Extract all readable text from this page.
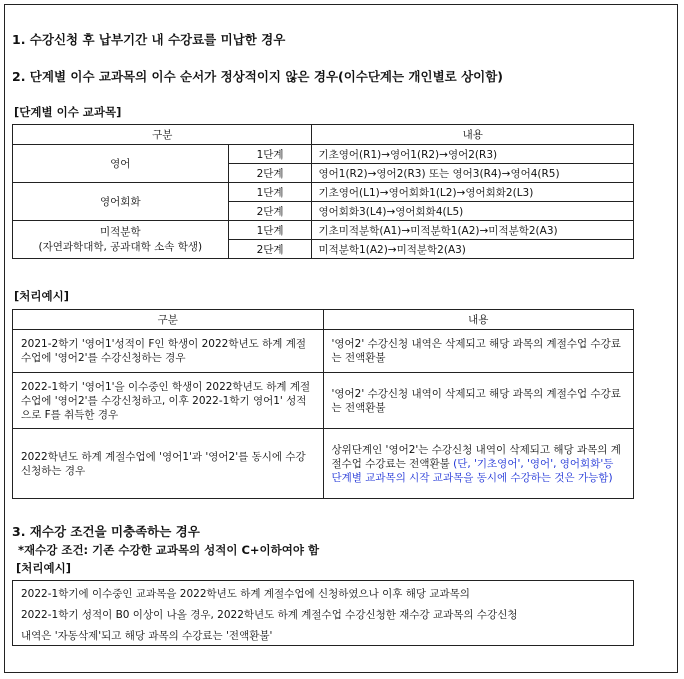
1. 수강신청 후 납부기간 내 수강료를 미납한 경우
2. 단계별 이수 교과목의 이수 순서가 정상적이지 않은 경우(이수단계는 개인별로 상이함)
[단계별 이수 교과목]
구분		내용
영어	1단계	기초영어(R1)→영어1(R2)→영어2(R3)
	2단계	영어1(R2)→영어2(R3) 또는 영어3(R4)→영어4(R5)
영어회화	1단계	기초영어(L1)→영어회화1(L2)→영어회화2(L3)
	2단계	영어회화3(L4)→영어회화4(L5)

미적분학
(자연과학대학, 공과대학 소속 학생)	1단계	기초미적분학(A1)→미적분학1(A2)→미적분학2(A3)
	2단계	미적분학1(A2)→미적분학2(A3)
[처리예시]
구분	내용
2021-2학기 '영어1'성적이 F인 학생이 2022학년도 하계 계절수업에 '영어2'를 수강신청하는 경우	'영어2' 수강신청 내역은 삭제되고 해당 과목의 계절수업 수강료는 전액환불
2022-1학기 '영어1'을 이수중인 학생이 2022학년도 하계 계절수업에 '영어2'를 수강신청하고, 이후 2022-1학기 영어1' 성적으로 F를 취득한 경우	'영어2' 수강신청 내역이 삭제되고 해당 과목의 계절수업 수강료는 전액환불
2022학년도 하계 계절수업에 '영어1'과 '영어2'를 동시에 수강신청하는 경우	상위단계인 '영어2'는 수강신청 내역이 삭제되고 해당 과목의 계절수업 수강료는 전액환불 (단, '기초영어', '영어', 영어회화'등 단계별 교과목의 시작 교과목을 동시에 수강하는 것은 가능함)
3. 재수강 조건을 미충족하는 경우
*재수강 조건: 기존 수강한 교과목의 성적이 C+이하여야 함
[처리예시]
2022-1학기에 이수중인 교과목을 2022학년도 하계 계절수업에 신청하였으나 이후 해당 교과목의
2022-1학기 성적이 B0 이상이 나올 경우, 2022학년도 하계 계절수업 수강신청한 재수강 교과목의 수강신청
내역은 '자동삭제'되고 해당 과목의 수강료는 '전액환불'
